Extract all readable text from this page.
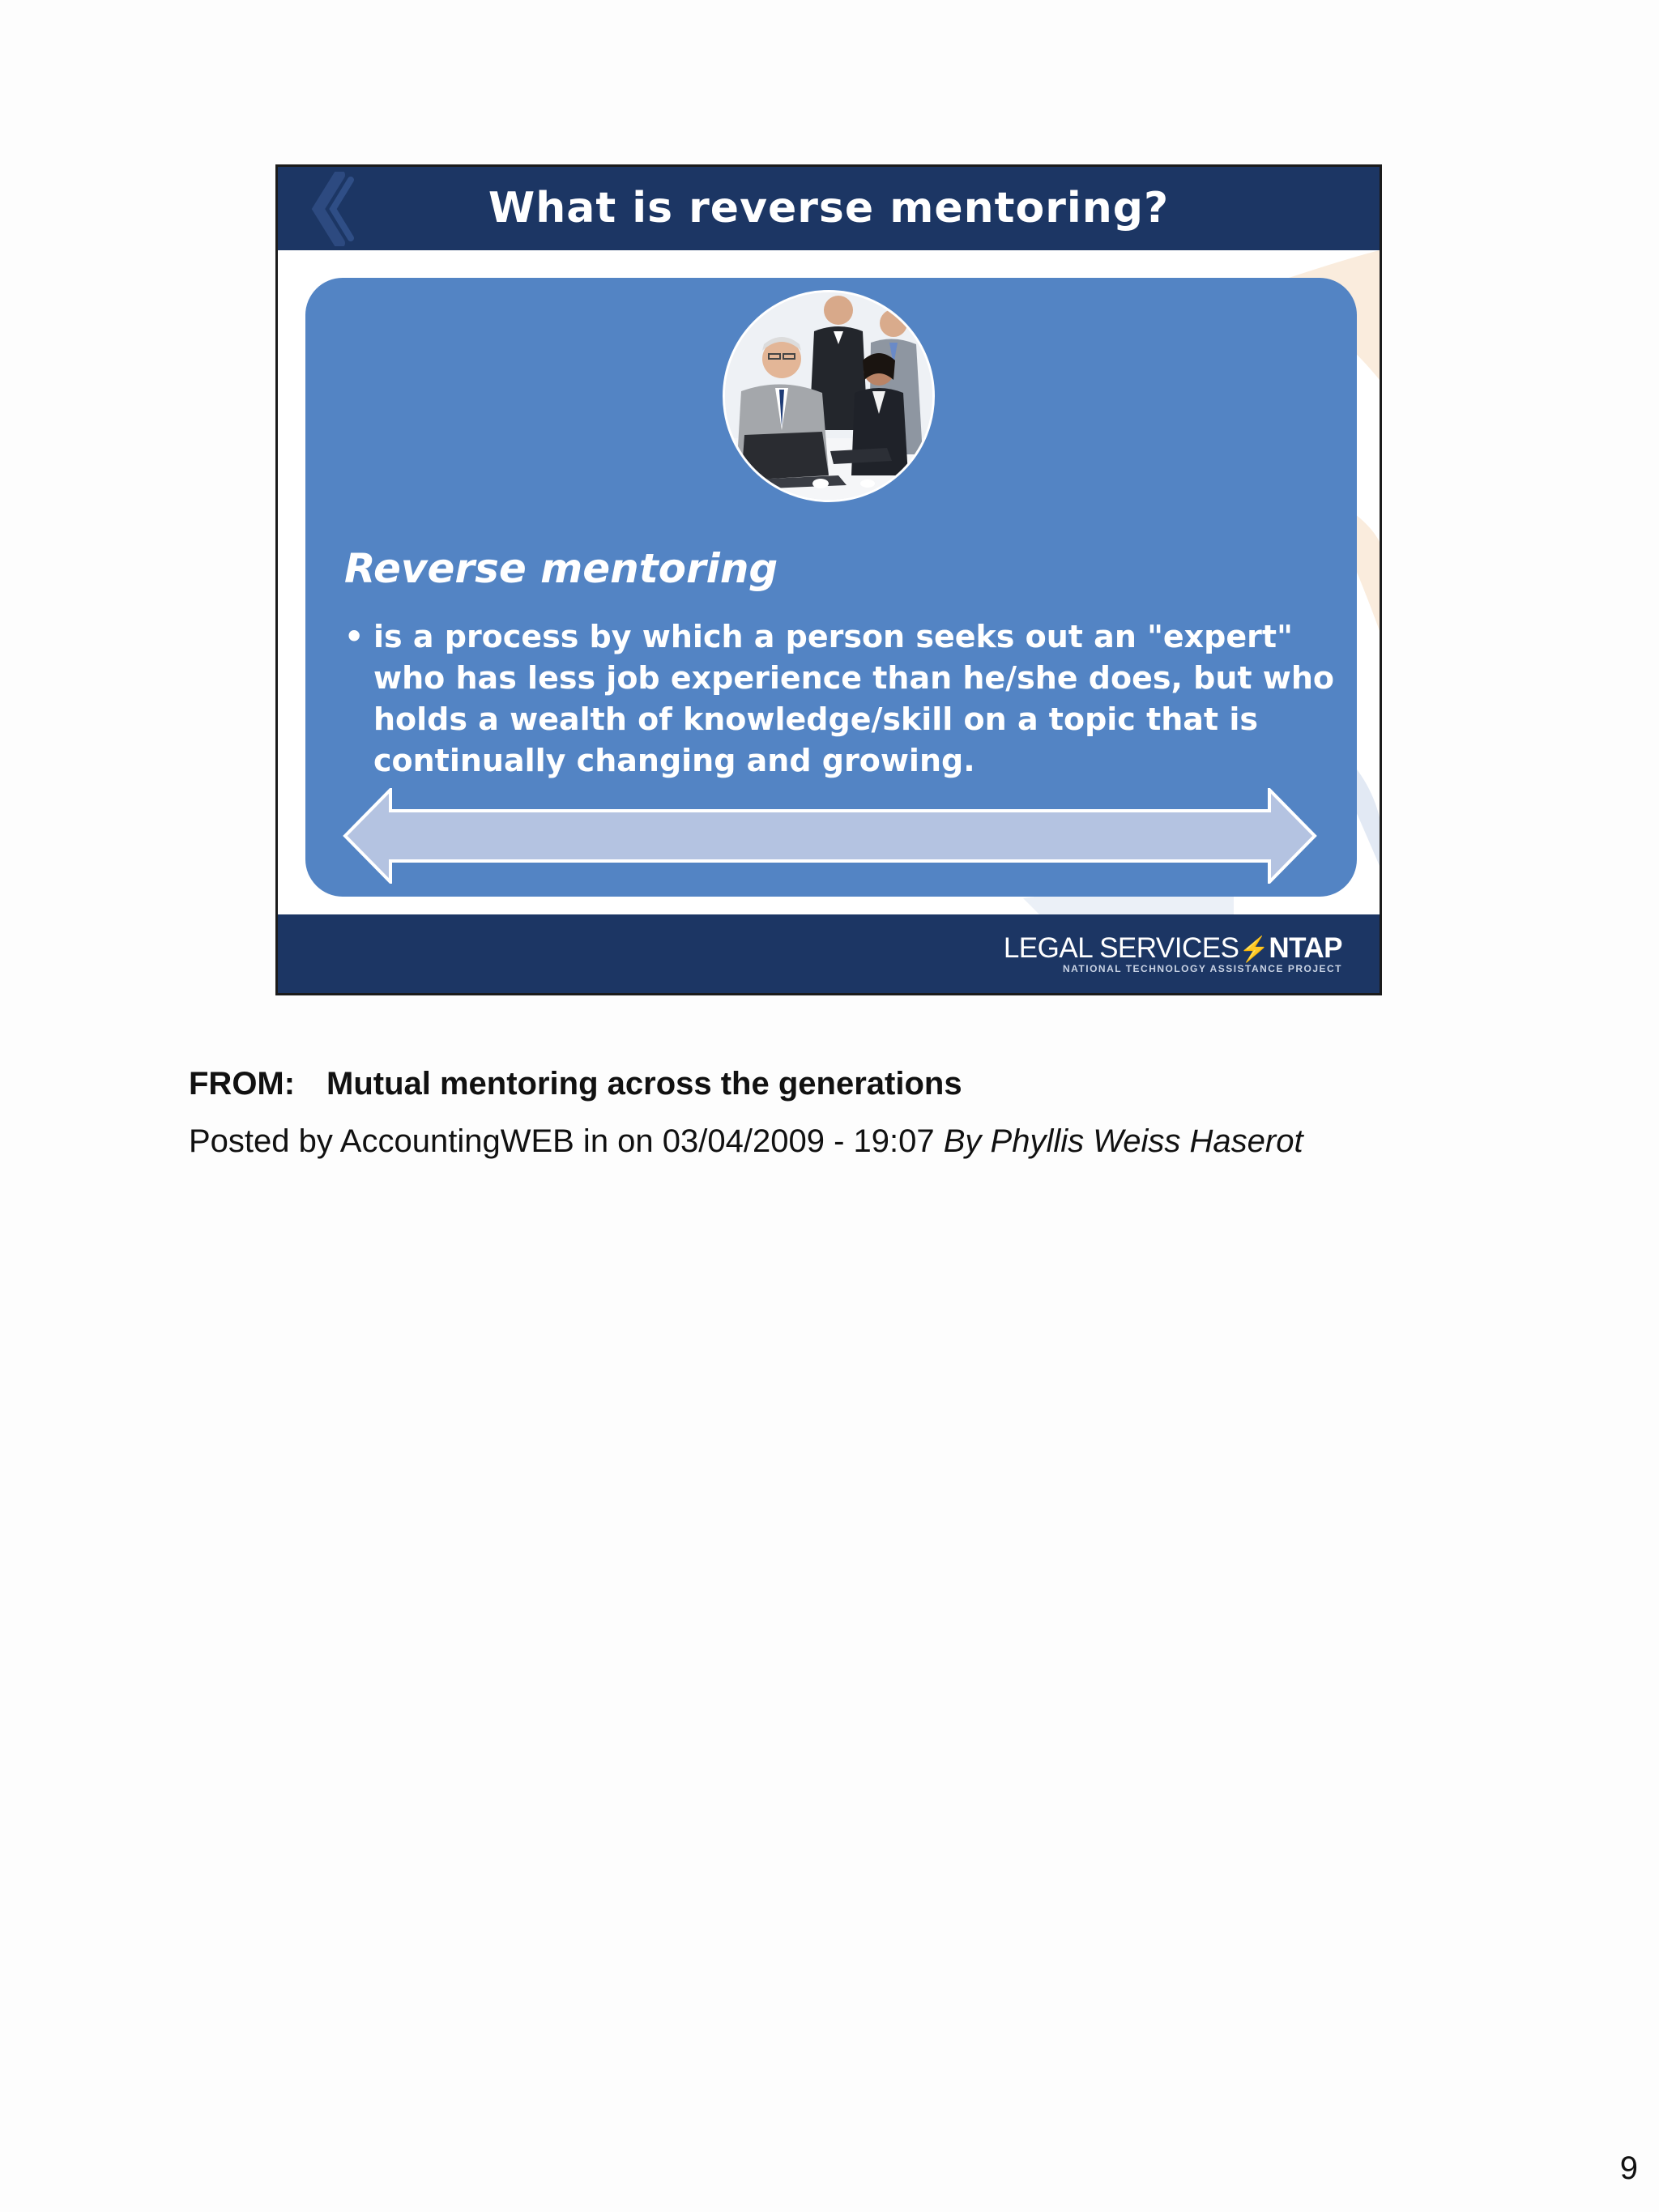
What is reverse mentoring?
Reverse mentoring
• is a process by which a person seeks out an "expert" who has less job experience than he/she does, but who holds a wealth of knowledge/skill on a topic that is continually changing and growing.
LEGAL SERVICES⚡NTAP
NATIONAL TECHNOLOGY ASSISTANCE PROJECT
FROM: Mutual mentoring across the generations
Posted by AccountingWEB in on 03/04/2009 - 19:07 By Phyllis Weiss Haserot
9
